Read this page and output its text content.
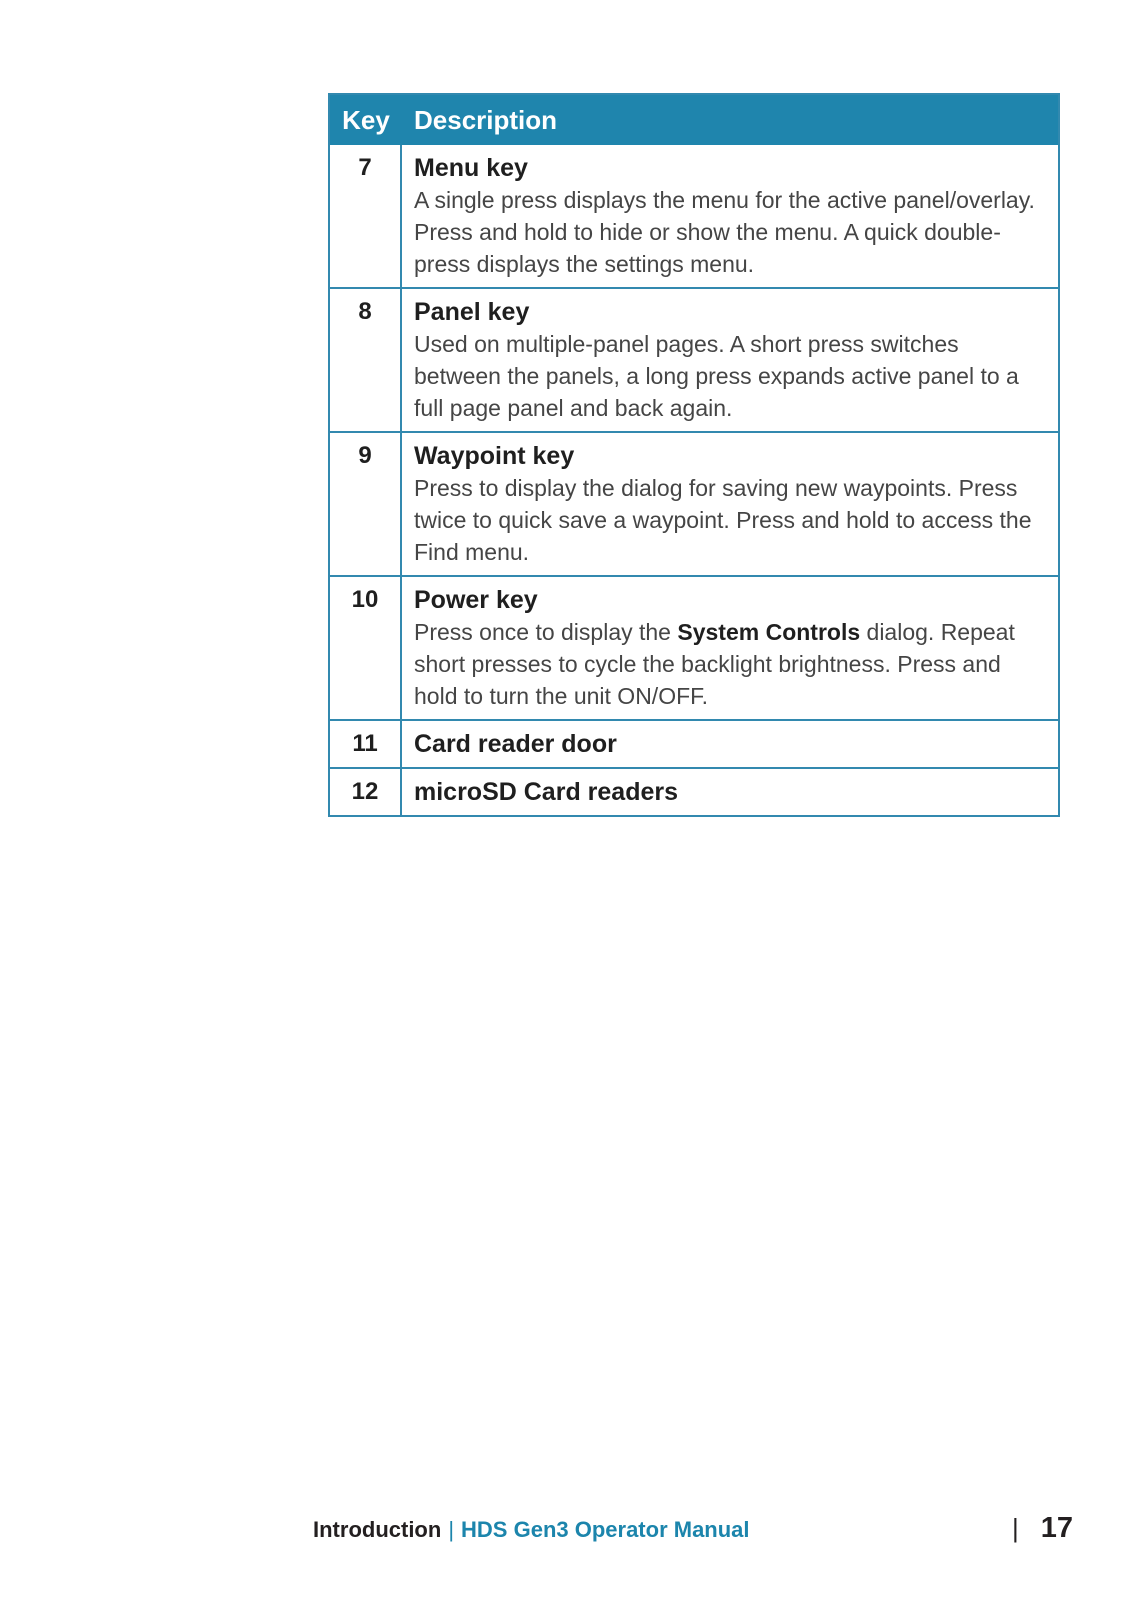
Key Description
7	Menu key
A single press displays the menu for the active panel/overlay. Press and hold to hide or show the menu. A quick double-press displays the settings menu.
8	Panel key
Used on multiple-panel pages. A short press switches between the panels, a long press expands active panel to a full page panel and back again.
9	Waypoint key
Press to display the dialog for saving new waypoints. Press twice to quick save a waypoint. Press and hold to access the Find menu.
10	Power key
Press once to display the System Controls dialog. Repeat short presses to cycle the backlight brightness. Press and hold to turn the unit ON/OFF.
11	Card reader door
12	microSD Card readers
Introduction | HDS Gen3 Operator Manual	| 17
